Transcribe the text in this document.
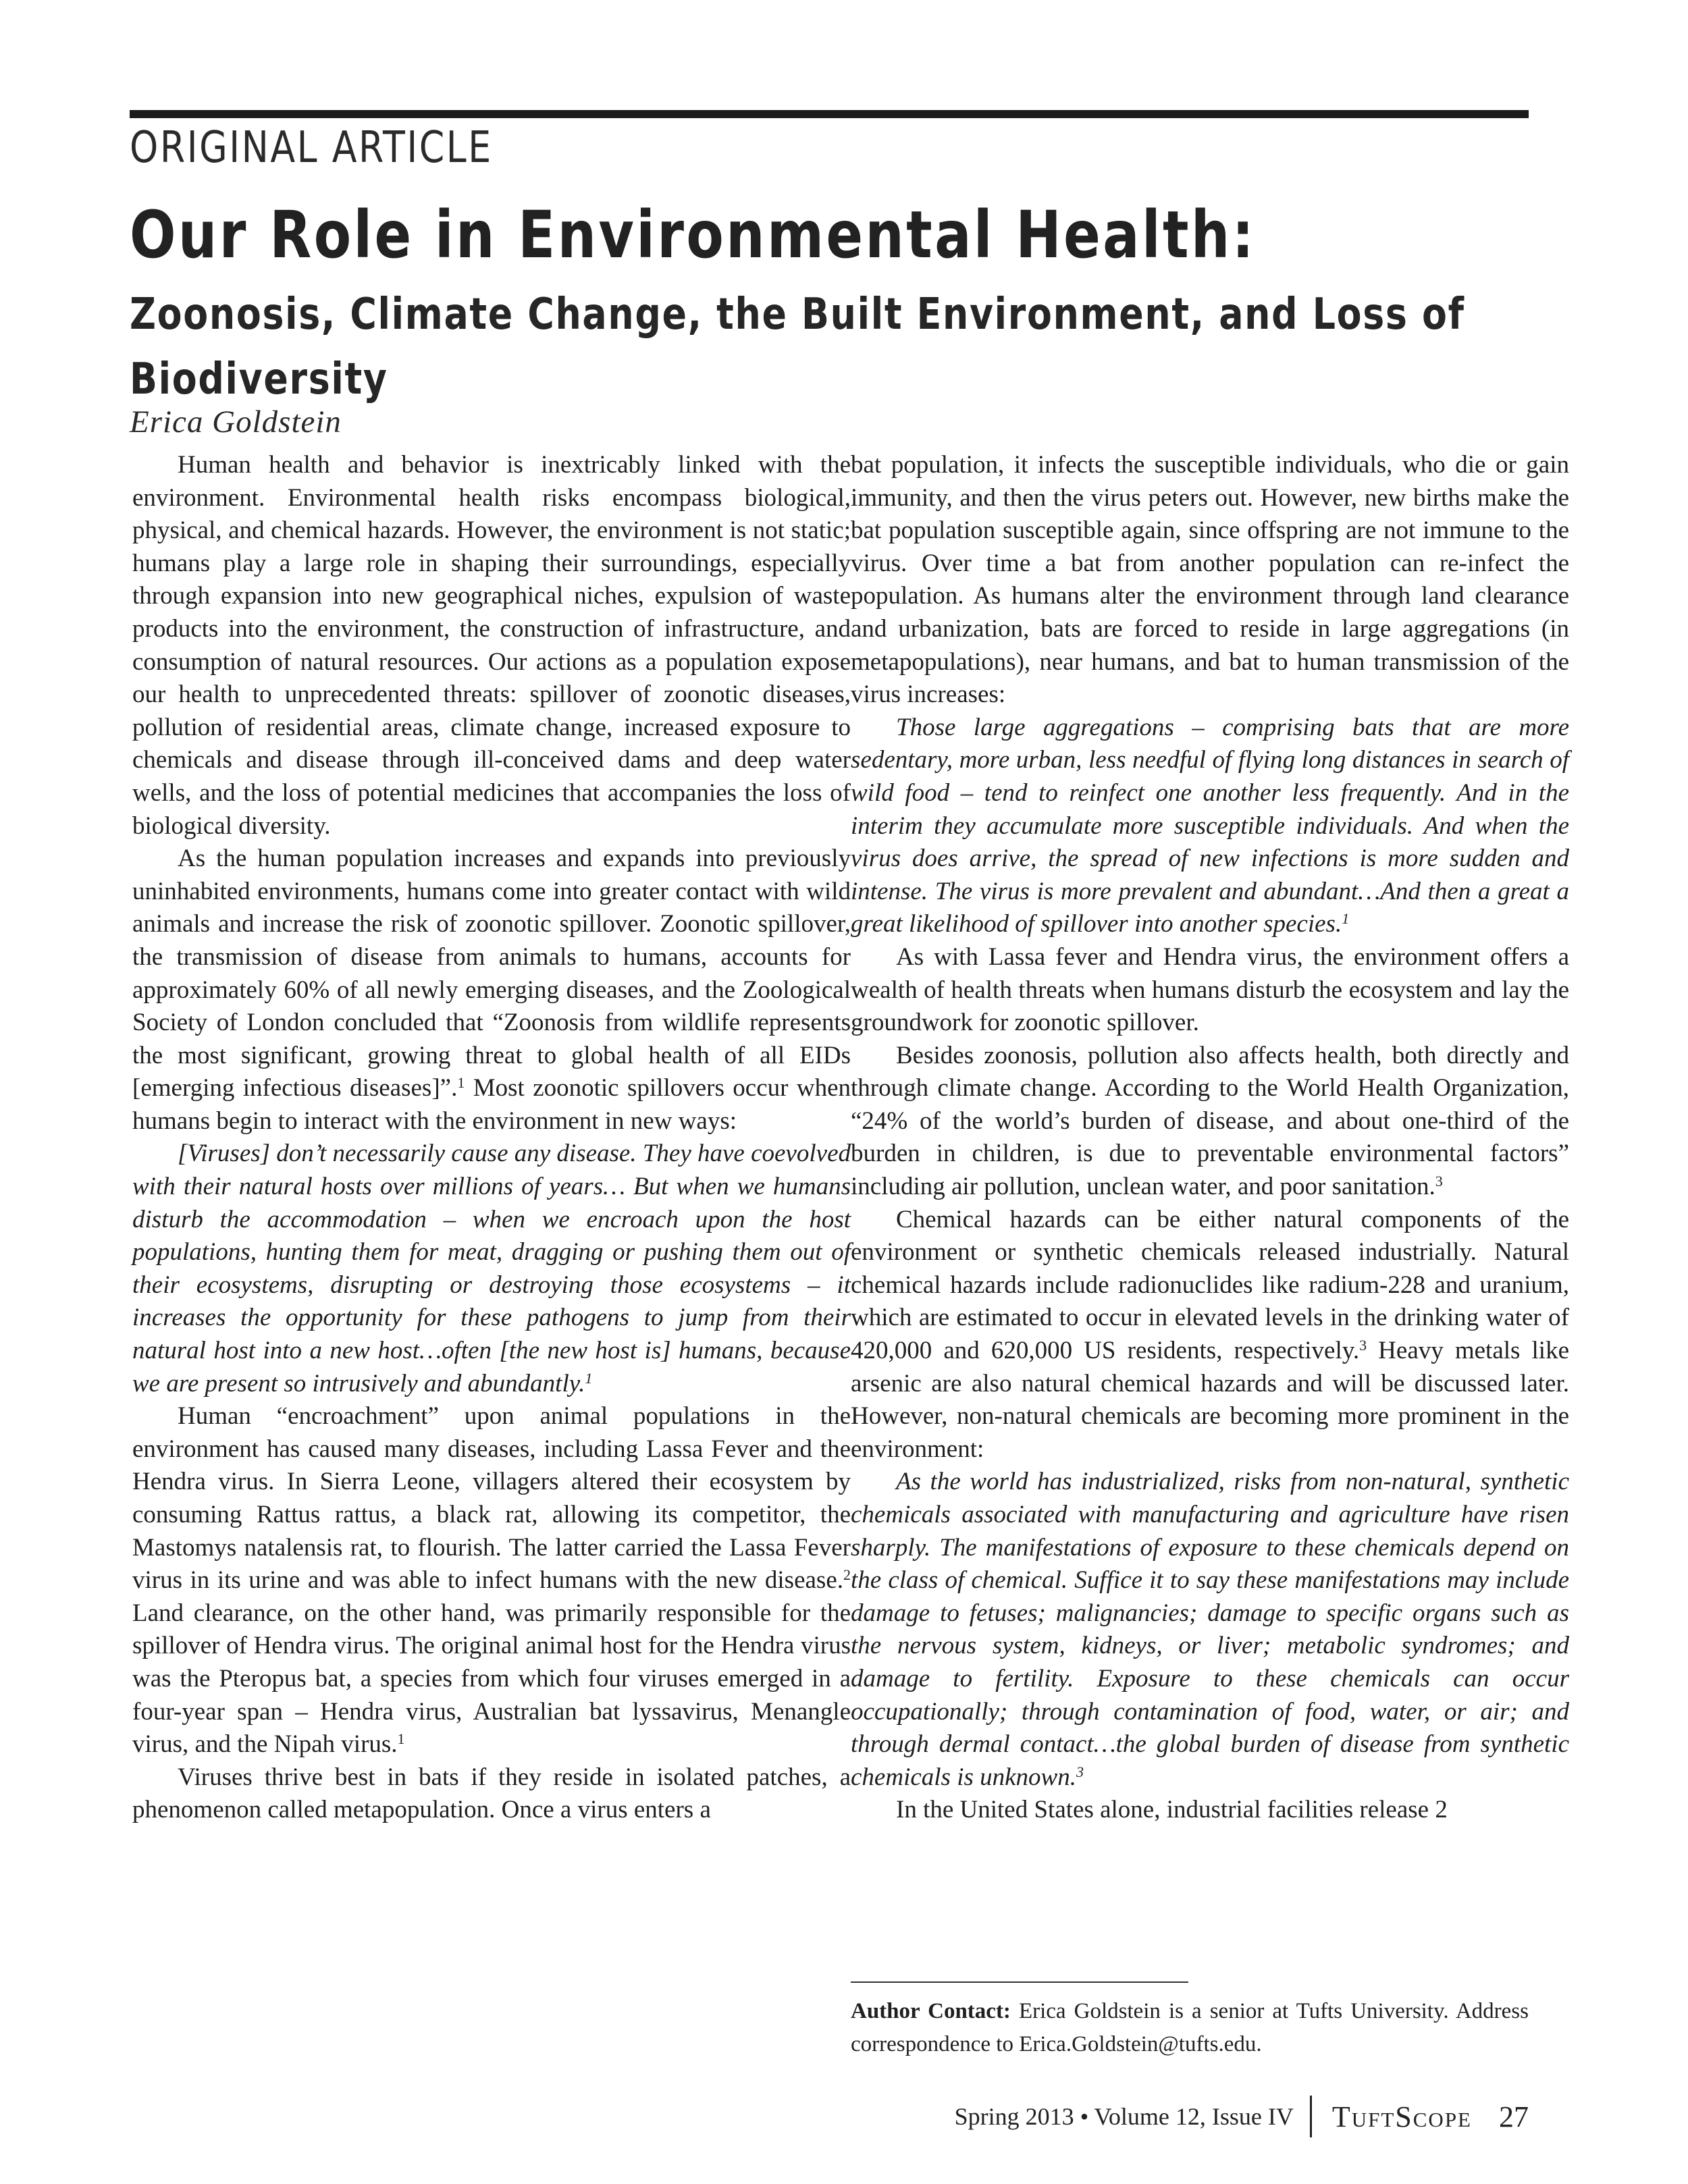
ORIGINAL ARTICLE
Our Role in Environmental Health:
Zoonosis, Climate Change, the Built Environment, and Loss of Biodiversity
Erica Goldstein

Human health and behavior is inextricably linked with the environment. Environmental health risks encompass biological, physical, and chemical hazards. However, the environment is not static; humans play a large role in shaping their surroundings, especially through expansion into new geographical niches, expulsion of waste products into the environment, the construction of infrastructure, and consumption of natural resources. Our actions as a population expose our health to unprecedented threats: spillover of zoonotic diseases, pollution of residential areas, climate change, increased exposure to chemicals and disease through ill-conceived dams and deep water wells, and the loss of potential medicines that accompanies the loss of biological diversity.

As the human population increases and expands into previously uninhabited environments, humans come into greater contact with wild animals and increase the risk of zoonotic spillover. Zoonotic spillover, the transmission of disease from animals to humans, accounts for approximately 60% of all newly emerging diseases, and the Zoological Society of London concluded that “Zoonosis from wildlife represents the most significant, growing threat to global health of all EIDs [emerging infectious diseases]”.$^1$ Most zoonotic spillovers occur when humans begin to interact with the environment in new ways:

[Viruses] don’t necessarily cause any disease. They have coevolved with their natural hosts over millions of years… But when we humans disturb the accommodation – when we encroach upon the host populations, hunting them for meat, dragging or pushing them out of their ecosystems, disrupting or destroying those ecosystems – it increases the opportunity for these pathogens to jump from their natural host into a new host…often [the new host is] humans, because we are present so intrusively and abundantly.$^1$

Human “encroachment” upon animal populations in the environment has caused many diseases, including Lassa Fever and the Hendra virus. In Sierra Leone, villagers altered their ecosystem by consuming Rattus rattus, a black rat, allowing its competitor, the Mastomys natalensis rat, to flourish. The latter carried the Lassa Fever virus in its urine and was able to infect humans with the new disease.$^2$ Land clearance, on the other hand, was primarily responsible for the spillover of Hendra virus. The original animal host for the Hendra virus was the Pteropus bat, a species from which four viruses emerged in a four-year span – Hendra virus, Australian bat lyssavirus, Menangle virus, and the Nipah virus.$^1$

Viruses thrive best in bats if they reside in isolated patches, a phenomenon called metapopulation. Once a virus enters a

bat population, it infects the susceptible individuals, who die or gain immunity, and then the virus peters out. However, new births make the bat population susceptible again, since offspring are not immune to the virus. Over time a bat from another population can re-infect the population. As humans alter the environment through land clearance and urbanization, bats are forced to reside in large aggregations (in metapopulations), near humans, and bat to human transmission of the virus increases:

Those large aggregations – comprising bats that are more sedentary, more urban, less needful of flying long distances in search of wild food – tend to reinfect one another less frequently. And in the interim they accumulate more susceptible individuals. And when the virus does arrive, the spread of new infections is more sudden and intense. The virus is more prevalent and abundant…And then a great a great likelihood of spillover into another species.$^1$

As with Lassa fever and Hendra virus, the environment offers a wealth of health threats when humans disturb the ecosystem and lay the groundwork for zoonotic spillover.

Besides zoonosis, pollution also affects health, both directly and through climate change. According to the World Health Organization, “24% of the world’s burden of disease, and about one-third of the burden in children, is due to preventable environmental factors” including air pollution, unclean water, and poor sanitation.$^3$

Chemical hazards can be either natural components of the environment or synthetic chemicals released industrially. Natural chemical hazards include radionuclides like radium-228 and uranium, which are estimated to occur in elevated levels in the drinking water of 420,000 and 620,000 US residents, respectively.$^3$ Heavy metals like arsenic are also natural chemical hazards and will be discussed later. However, non-natural chemicals are becoming more prominent in the environment:

As the world has industrialized, risks from non-natural, synthetic chemicals associated with manufacturing and agriculture have risen sharply. The manifestations of exposure to these chemicals depend on the class of chemical. Suffice it to say these manifestations may include damage to fetuses; malignancies; damage to specific organs such as the nervous system, kidneys, or liver; metabolic syndromes; and damage to fertility. Exposure to these chemicals can occur occupationally; through contamination of food, water, or air; and through dermal contact…the global burden of disease from synthetic chemicals is unknown.$^3$

In the United States alone, industrial facilities release 2

Author Contact: Erica Goldstein is a senior at Tufts University. Address correspondence to Erica.Goldstein@tufts.edu.
Spring 2013 • Volume 12, Issue IV TuftScope 27
